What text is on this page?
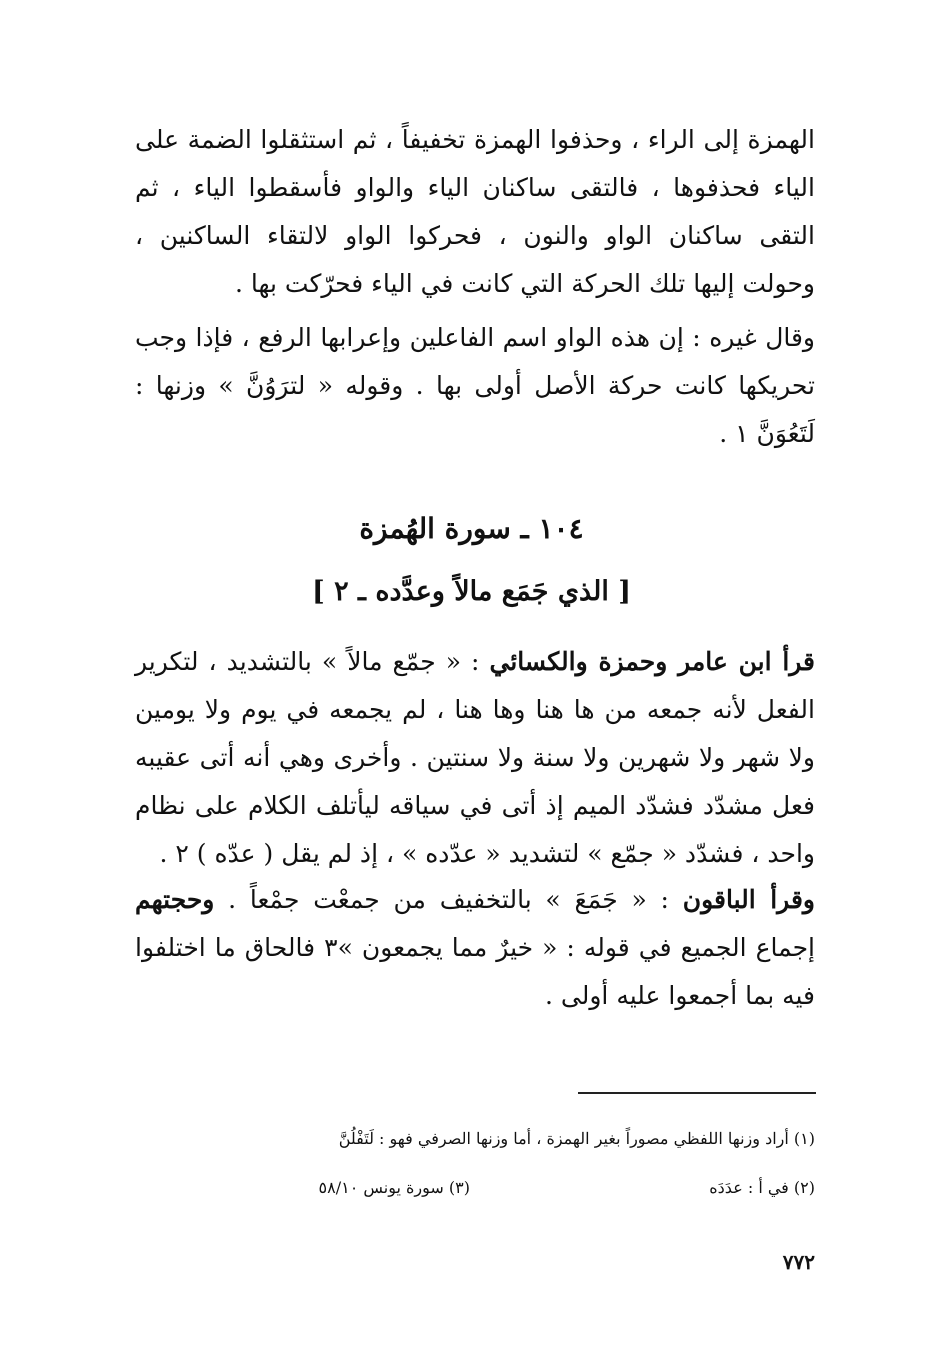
الهمزة إلى الراء ، وحذفوا الهمزة تخفيفاً ، ثم استثقلوا الضمة على الياء فحذفوها ، فالتقى ساكنان الياء والواو فأسقطوا الياء ، ثم التقى ساكنان الواو والنون ، فحركوا الواو لالتقاء الساكنين ، وحولت إليها تلك الحركة التي كانت في الياء فحرّكت بها .
وقال غيره : إن هذه الواو اسم الفاعلين وإعرابها الرفع ، فإذا وجب تحريكها كانت حركة الأصل أولى بها . وقوله « لترَوُنَّ » وزنها : لَتَعُوَنَّ ١ .
١٠٤ ـ سورة الهُمزة
[ الذي جَمَع مالاً وعدَّده ـ ٢ ]
قرأ ابن عامر وحمزة والكسائي : « جمّع مالاً » بالتشديد ، لتكرير الفعل لأنه جمعه من ها هنا وها هنا ، لم يجمعه في يوم ولا يومين ولا شهر ولا شهرين ولا سنة ولا سنتين . وأخرى وهي أنه أتى عقيبه فعل مشدّد فشدّد الميم إذ أتى في سياقه ليأتلف الكلام على نظام واحد ، فشدّد « جمّع » لتشديد « عدّده » ، إذ لم يقل ( عدّه ) ٢ .
وقرأ الباقون : « جَمَعَ » بالتخفيف من جمعْت جمْعاً . وحجتهم إجماع الجميع في قوله : « خيرٌ مما يجمعون »٣ فالحاق ما اختلفوا فيه بما أجمعوا عليه أولى .
(١) أراد وزنها اللفظي مصوراً بغير الهمزة ، أما وزنها الصرفي فهو : لَتَفْلُنَّ
(٢) في أ : عدَدَه
(٣) سورة يونس ٥٨/١٠
٧٧٢
